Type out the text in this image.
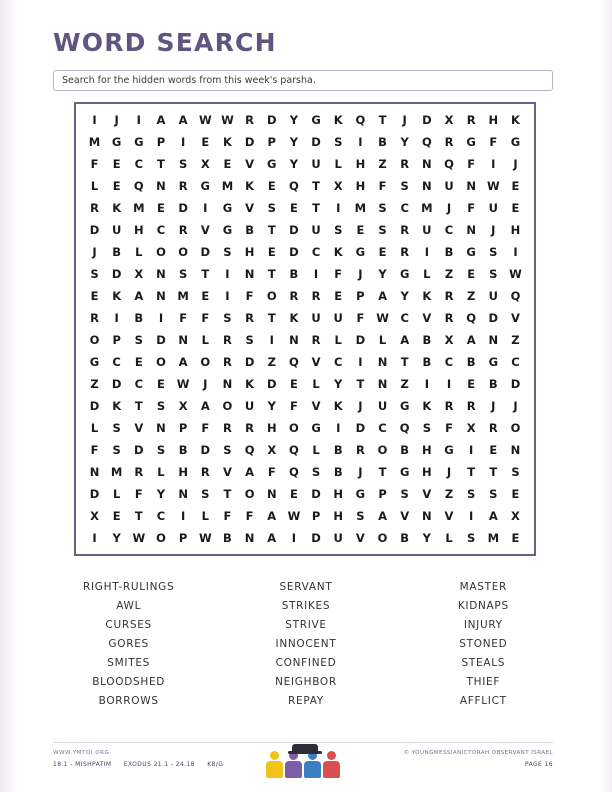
WORD SEARCH
Search for the hidden words from this week's parsha.
I	J	I	A	A W W R	D	Y	G	K	Q	T	J	D	X	R	H	K
M	G	G	P	I	E	K	D	P	Y	D	S	I	B	Y	Q	R	G	F	G
F	E	C	T	S	X	E	V	G	Y	U	L	H	Z	R	N	Q	F	I	J
L	E	Q	N	R	G	M	K	E	Q	T	X	H	F	S	N	U	N W	E
R	K	M	E	D	I	G	V	S	E	T	I	M	S	C	M	J	F	U	E
D	U	H	C	R	V	G	B	T	D	U	S	E	S	R	U	C	N	J	H
J	B	L	O	O	D	S	H	E	D	C	K	G	E	R	I	B	G	S	I
S	D	X	N	S	T	I	N	T	B	I	F	J	Y	G	L	Z	E	S	W
E	K	A	N	M	E	I	F	O	R	R	E	P	A	Y	K	R	Z	U	Q
R	I	B	I	F	F	S	R	T	K	U	U	F	W	C	V	R	Q	D	V
O	P	S	D	N	L	R	S	I	N	R	L	D	L	A	B	X	A	N	Z
G	C	E	O	A	O	R	D	Z	Q	V	C	I	N	T	B	C	B	G	C
Z	D	C	E	W	J	N	K	D	E	L	Y	T	N	Z	I	I	E	B	D
D	K	T	S	X	A	O	U	Y	F	V	K	J	U	G	K	R	R	J	J
L	S	V	N	P	F	R	R	H	O	G	I	D	C	Q	S	F	X	R	O
F	S	D	S	B	D	S	Q	X	Q	L	B	R	O	B	H	G	I	E	N
N	M	R	L	H	R	V	A	F	Q	S	B	J	T	G	H	J	T	T	S
D	L	F	Y	N	S	T	O	N	E	D	H	G	P	S	V	Z	S	S	E
X	E	T	C	I	L	F	F	A W	P	H	S	A	V	N	V	I	A	X
I	Y	W O	P	W B	N	A	I	D	U	V	O	B	Y	L	S	M	E
RIGHT-RULINGS
AWL
CURSES
GORES
SMITES
BLOODSHED
BORROWS
SERVANT
STRIKES
STRIVE
INNOCENT
CONFINED
NEIGHBOR
REPAY
MASTER
KIDNAPS
INJURY
STONED
STEALS
THIEF
AFFLICT
WWW.YMTOI.ORG
18.1 - MISHPATIM EXODUS 21.1 - 24.18 K8/G
© YOUNGMESSIANICTORAH OBSERVANT ISRAEL
PAGE 16
